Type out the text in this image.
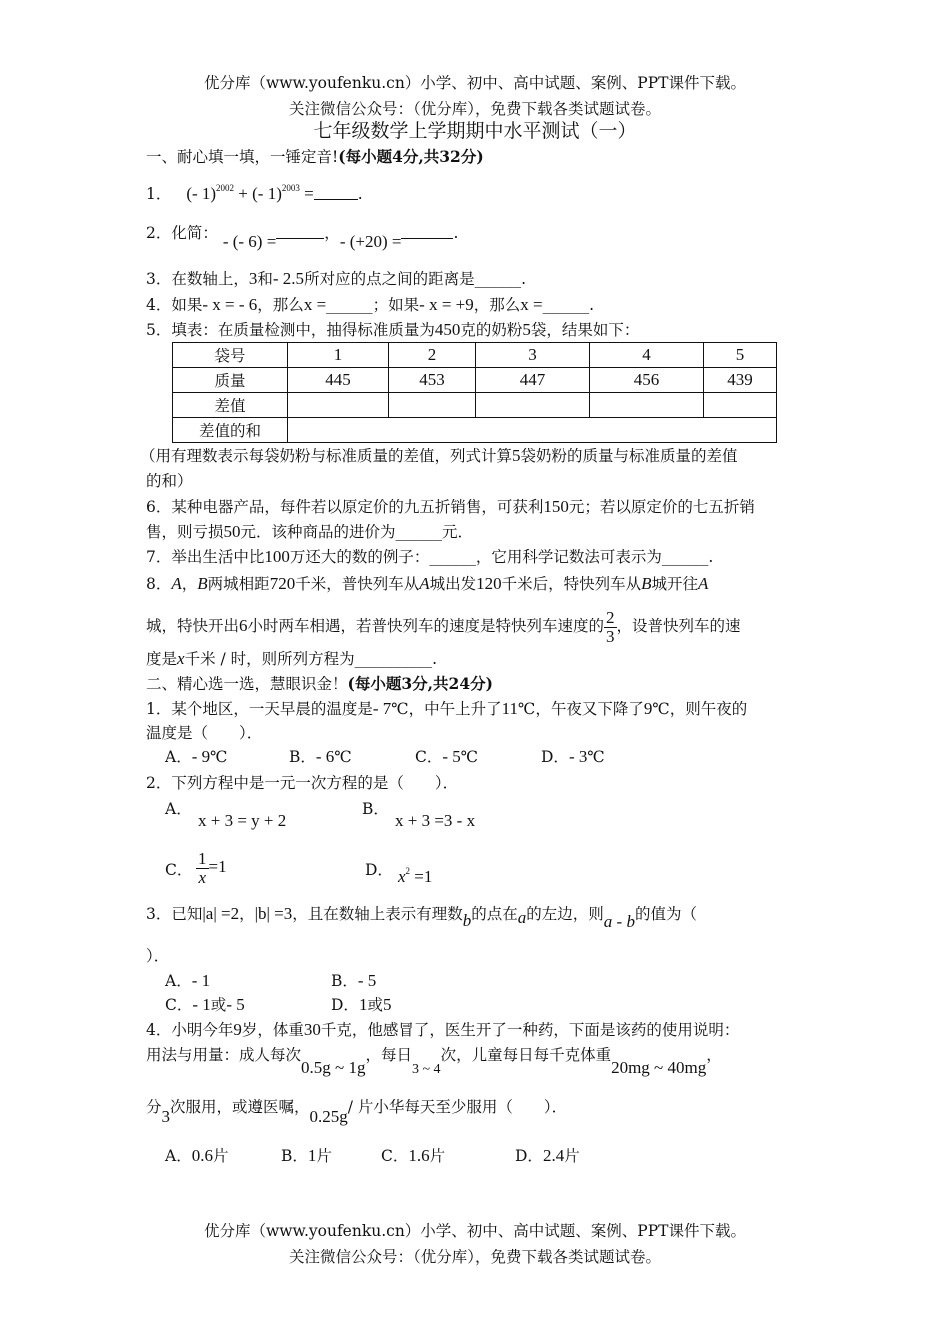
优分库（www.youfenku.cn）小学、初中、高中试题、案例、PPT课件下载。
关注微信公众号：（优分库），免费下载各类试题试卷。
七年级数学上学期期中水平测试（一）
一、耐心填一填，一锤定音!(每小题4分,共32分)
1． (- 1)$^{2002}$ + (- 1)$^{2003}$ =	.
2．化简： - (- 6) =	，- (+20) =	.
3．在数轴上，3和- 2.5所对应的点之间的距离是______.
4．如果- x = - 6，那么x =______；如果- x = +9，那么x =______.
5．填表：在质量检测中，抽得标准质量为450克的奶粉5袋，结果如下：
袋号	1	2	3	4	5
质量	445	453	447	456	439
差值					
差值的和					
（用有理数表示每袋奶粉与标准质量的差值，列式计算5袋奶粉的质量与标准质量的差值
的和）
6．某种电器产品，每件若以原定价的九五折销售，可获利150元；若以原定价的七五折销
售，则亏损50元．该种商品的进价为______元．
7．举出生活中比100万还大的数的例子：______，它用科学记数法可表示为______.
8．A，B两城相距720千米，普快列车从A城出发120千米后，特快列车从B城开往A
城，特快开出6小时两车相遇，若普快列车的速度是特快列车速度的 $\frac{2}{3}$ ，设普快列车的速
度是x千米 / 时，则所列方程为__________.
二、精心选一选，慧眼识金！(每小题3分,共24分)
1．某个地区，一天早晨的温度是- 7℃，中午上升了11℃，午夜又下降了9℃，则午夜的
温度是（　　）．
A．- 9℃	B．- 6℃	C．- 5℃	D．- 3℃
2．下列方程中是一元一次方程的是（　　）．
A．
x + 3 = y + 2
B．
x + 3 =3 - x
C． $\frac{1}{x} =1$	D． $x^2 =1$
3．已知|a| =2，|b| =3，且在数轴上表示有理数b的点在a的左边，则a - b的值为（
）．
A．- 1	B．- 5
C．- 1或- 5	D．1或5
4．小明今年9岁，体重30千克，他感冒了，医生开了一种药，下面是该药的使用说明：
用法与用量：成人每次0.5g ~ 1g，每日3 ~ 4次，儿童每日每千克体重20mg ~ 40mg，
分3次服用，或遵医嘱，0.25g/ 片小华每天至少服用（　　）．
A．0.6片	B．1片	C．1.6片	D．2.4片
优分库（www.youfenku.cn）小学、初中、高中试题、案例、PPT课件下载。
关注微信公众号：（优分库），免费下载各类试题试卷。
